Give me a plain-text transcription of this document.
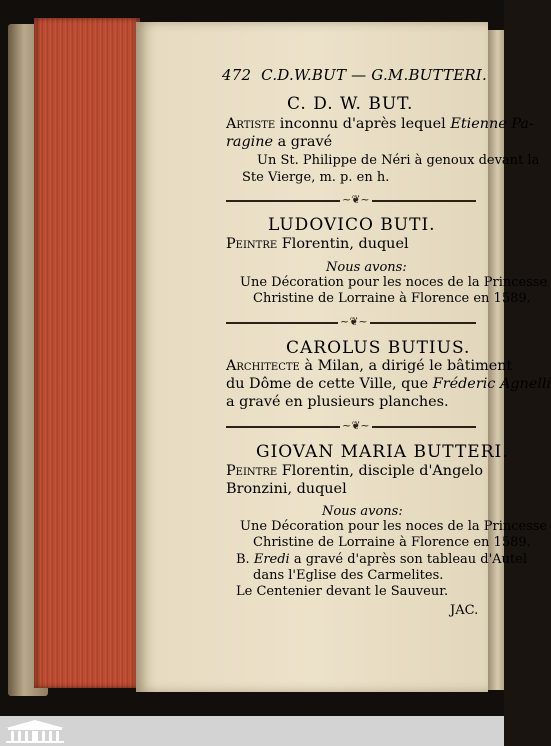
472 C.D.W.BUT — G.M.BUTTERI.
C. D. W. BUT.
Artiste inconnu d'après lequel Etienne Pa-
ragine a gravé
Un St. Philippe de Néri à genoux devant la
Ste Vierge, m. p. en h.
~❦~
LUDOVICO BUTI.
Peintre Florentin, duquel
Nous avons:
Une Décoration pour les noces de la Princesse
Christine de Lorraine à Florence en 1589.
~❦~
CAROLUS BUTIUS.
Architecte à Milan, a dirigé le bâtiment
du Dôme de cette Ville, que Fréderic Agnelli
a gravé en plusieurs planches.
~❦~
GIOVAN MARIA BUTTERI.
Peintre Florentin, disciple d'Angelo
Bronzini, duquel
Nous avons:
Une Décoration pour les noces de la Princesse
Christine de Lorraine à Florence en 1589.
B. Eredi a gravé d'après son tableau d'Autel
dans l'Eglise des Carmelites.
Le Centenier devant le Sauveur.
JAC.
